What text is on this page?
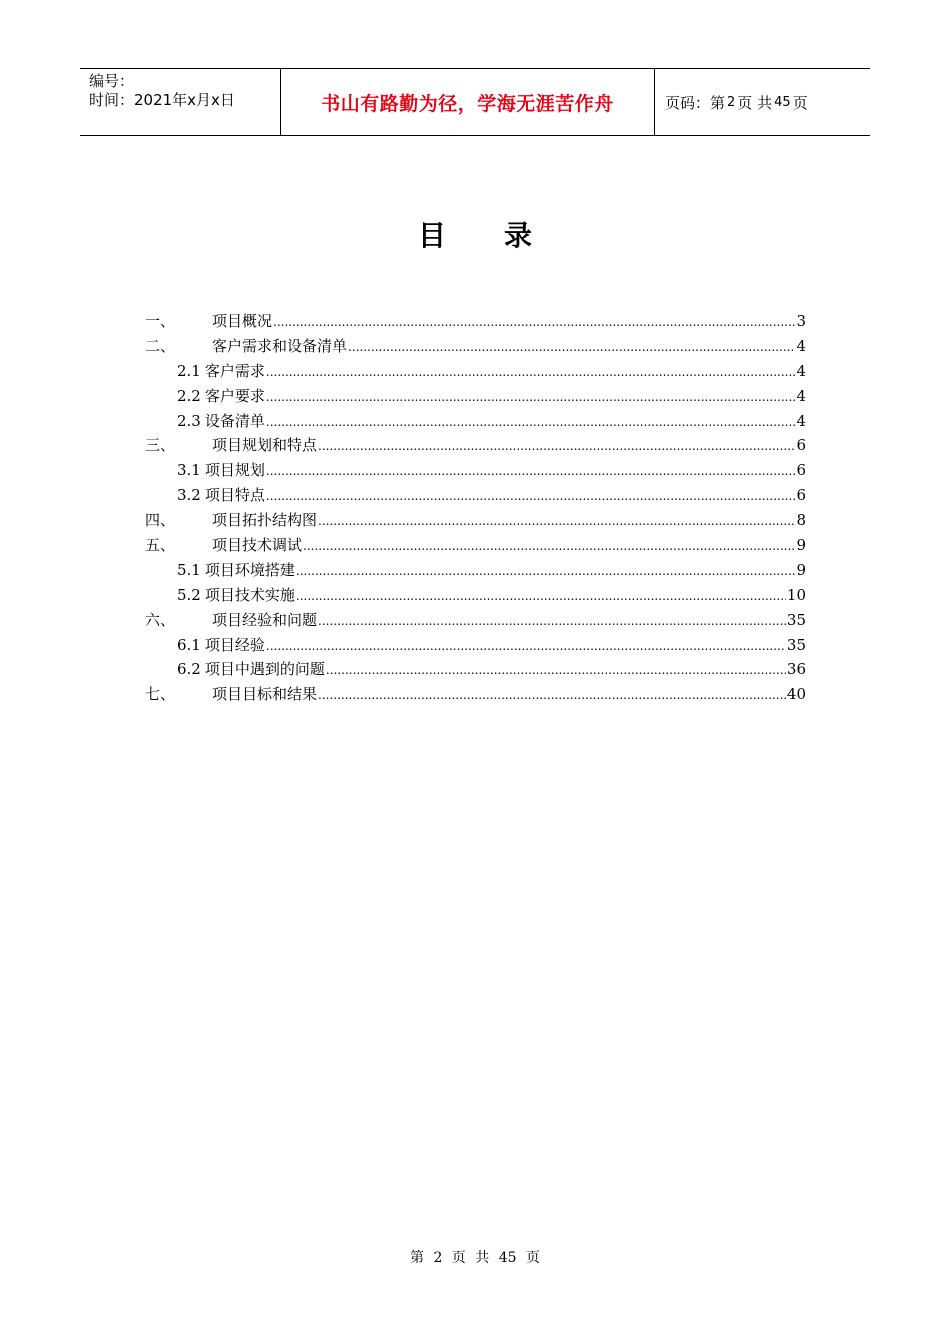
编号：
时间：2021年x月x日	书山有路勤为径，学海无涯苦作舟	页码：第 2 页 共 45 页
目 录
一、	项目概况 .....	3
二、	客户需求和设备清单 .....	4
2.1 客户需求 .....	4
2.2 客户要求 .....	4
2.3 设备清单 .....	4
三、	项目规划和特点 .....	6
3.1 项目规划 .....	6
3.2 项目特点 .....	6
四、	项目拓扑结构图 .....	8
五、	项目技术调试 .....	9
5.1 项目环境搭建 .....	9
5.2 项目技术实施 .....	10
六、	项目经验和问题 .....	35
6.1 项目经验 .....	35
6.2 项目中遇到的问题 .....	36
七、	项目目标和结果 .....	40
第 2 页 共 45 页
